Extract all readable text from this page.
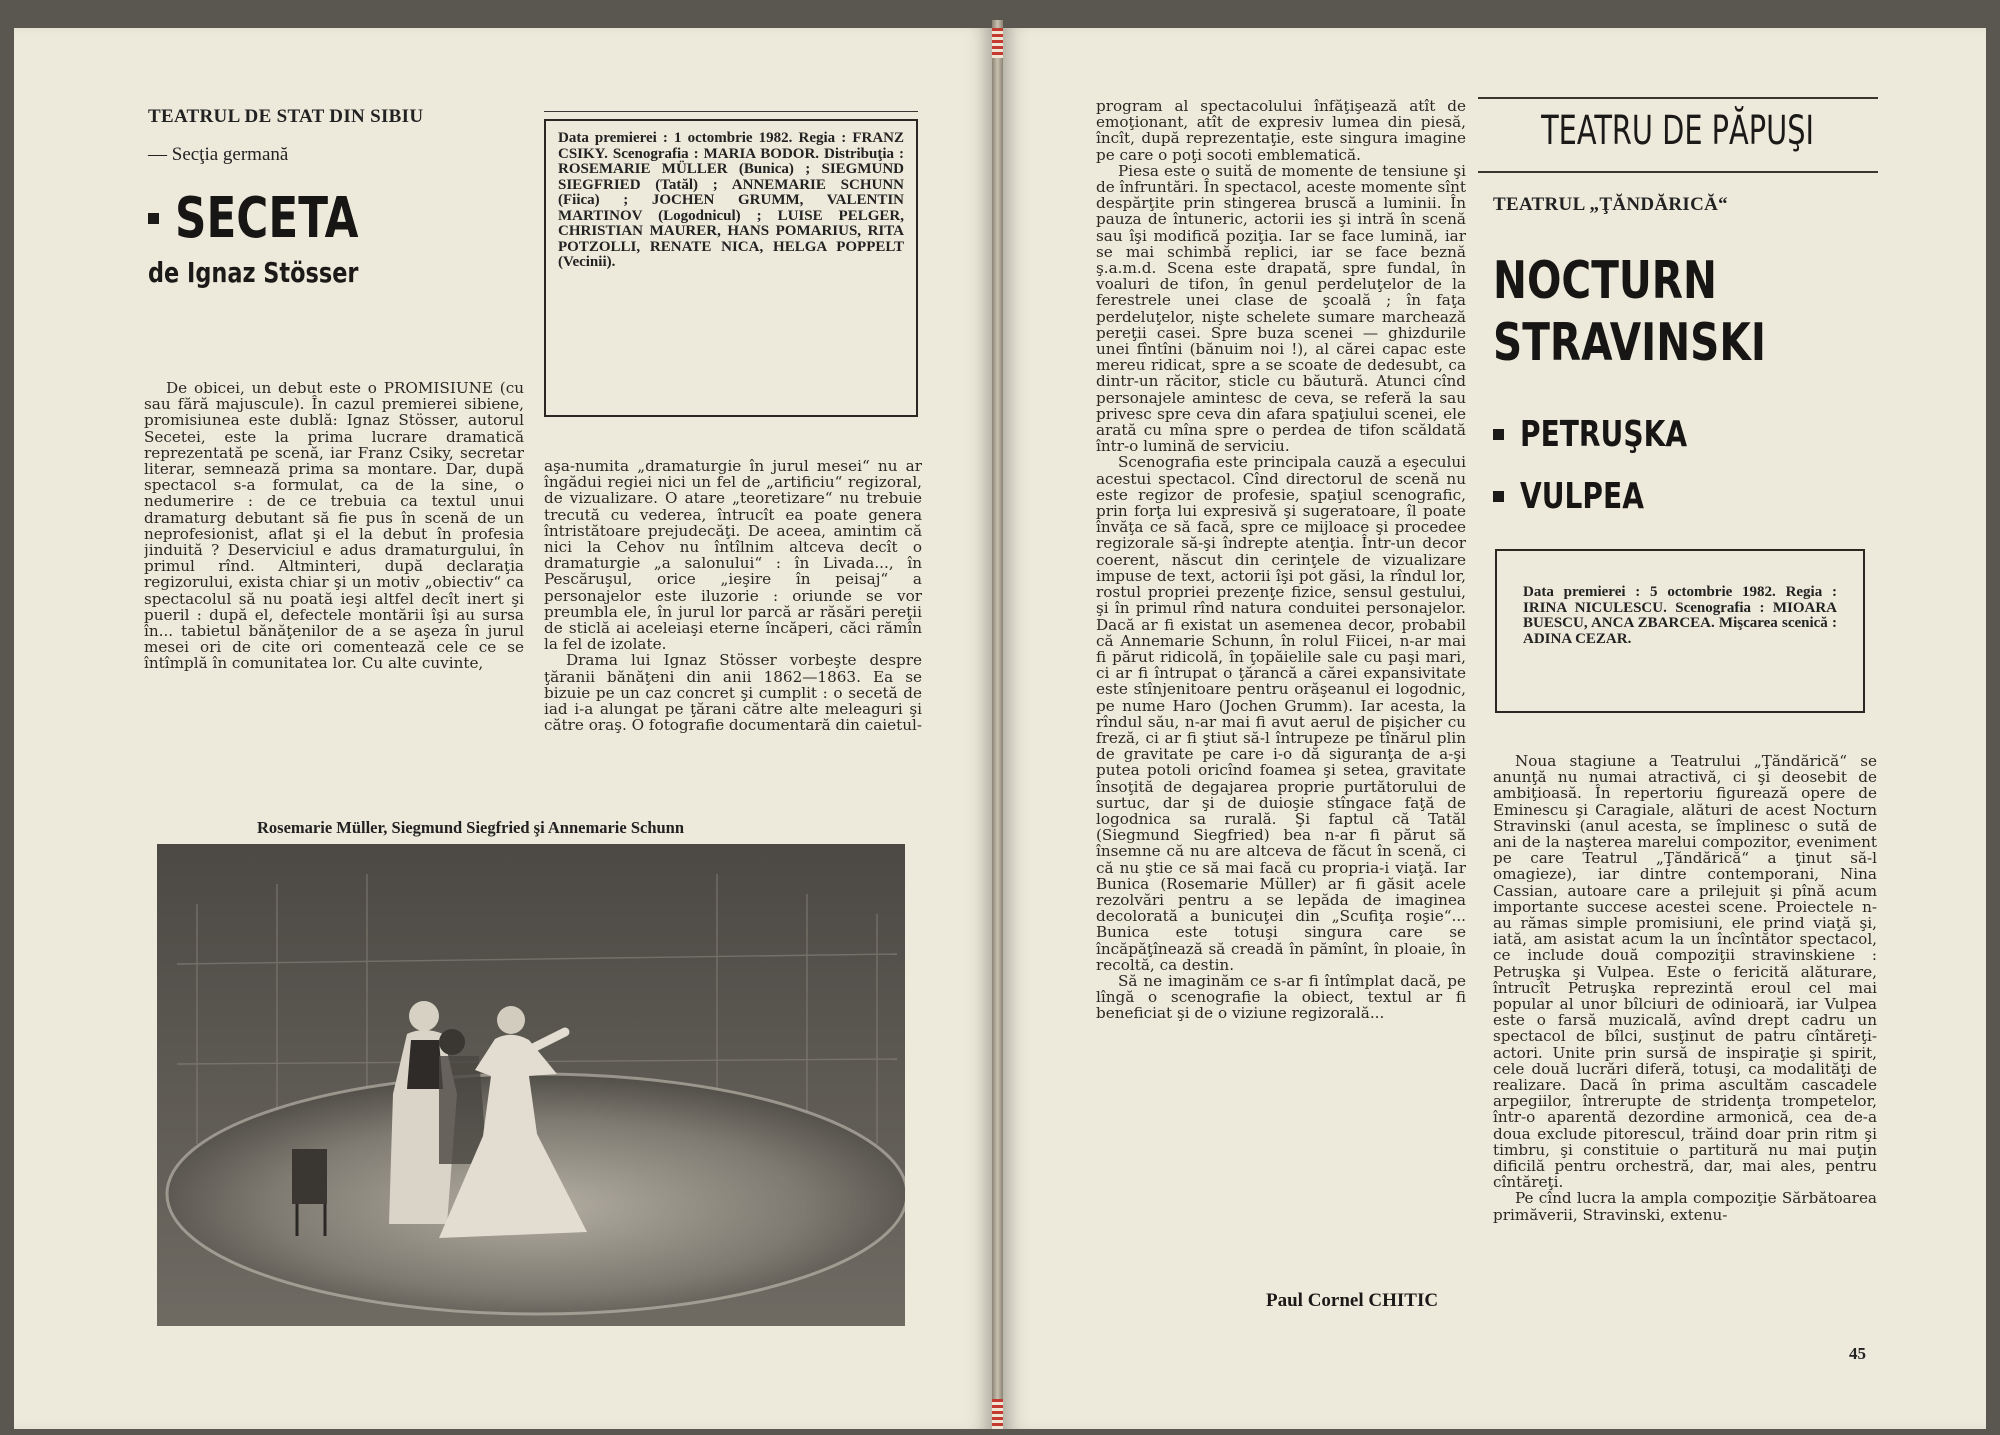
TEATRUL DE STAT DIN SIBIU
— Secţia germană
SECETA
de Ignaz Stösser

Data premierei : 1 octombrie 1982. Regia : FRANZ CSIKY. Scenografia : MARIA BODOR. Distribuţia : ROSEMARIE MÜLLER (Bunica) ; SIEGMUND SIEGFRIED (Tatăl) ; ANNEMARIE SCHUNN (Fiica) ; JOCHEN GRUMM, VALENTIN MARTINOV (Logodnicul) ; LUISE PELGER, CHRISTIAN MAURER, HANS POMARIUS, RITA POTZOLLI, RENATE NICA, HELGA POPPELT (Vecinii).

De obicei, un debut este o PROMISIUNE (cu sau fără majuscule). În cazul premierei sibiene, promisiunea este dublă: Ignaz Stösser, autorul Secetei, este la prima lucrare dramatică reprezentată pe scenă, iar Franz Csiky, secretar literar, semnează prima sa montare. Dar, după spectacol s-a formulat, ca de la sine, o nedumerire : de ce trebuia ca textul unui dramaturg debutant să fie pus în scenă de un neprofesionist, aflat şi el la debut în profesia jinduită ? Deserviciul e adus dramaturgului, în primul rînd. Altminteri, după declaraţia regizorului, exista chiar şi un motiv „obiectiv“ ca spectacolul să nu poată ieşi altfel decît inert şi pueril : după el, defectele montării îşi au sursa în... tabietul bănăţenilor de a se aşeza în jurul mesei ori de cite ori comentează cele ce se întîmplă în comunitatea lor. Cu alte cuvinte,

aşa-numita „dramaturgie în jurul mesei“ nu ar îngădui regiei nici un fel de „artificiu“ regizoral, de vizualizare. O atare „teoretizare“ nu trebuie trecută cu vederea, întrucît ea poate genera întristătoare prejudecăţi. De aceea, amintim că nici la Cehov nu întîlnim altceva decît o dramaturgie „a salonului“ : în Livada..., în Pescăruşul, orice „ieşire în peisaj“ a personajelor este iluzorie : oriunde se vor preumbla ele, în jurul lor parcă ar răsări pereţii de sticlă ai aceleiaşi eterne încăperi, căci rămîn la fel de izolate.

Drama lui Ignaz Stösser vorbeşte despre ţăranii bănăţeni din anii 1862—1863. Ea se bizuie pe un caz concret şi cumplit : o secetă de iad i-a alungat pe ţărani către alte meleaguri şi către oraş. O fotografie documentară din caietul-

Rosemarie Müller, Siegmund Siegfried şi Annemarie Schunn

program al spectacolului înfăţişează atît de emoţionant, atît de expresiv lumea din piesă, încît, după reprezentaţie, este singura imagine pe care o poţi socoti emblematică.

Piesa este o suită de momente de tensiune şi de înfruntări. În spectacol, aceste momente sînt despărţite prin stingerea bruscă a luminii. În pauza de întuneric, actorii ies şi intră în scenă sau îşi modifică poziţia. Iar se face lumină, iar se mai schimbă replici, iar se face beznă ş.a.m.d. Scena este drapată, spre fundal, în voaluri de tifon, în genul perdeluţelor de la ferestrele unei clase de şcoală ; în faţa perdeluţelor, nişte schelete sumare marchează pereţii casei. Spre buza scenei — ghizdurile unei fîntîni (bănuim noi !), al cărei capac este mereu ridicat, spre a se scoate de dedesubt, ca dintr-un răcitor, sticle cu băutură. Atunci cînd personajele amintesc de ceva, se referă la sau privesc spre ceva din afara spaţiului scenei, ele arată cu mîna spre o perdea de tifon scăldată într-o lumină de serviciu.

Scenografia este principala cauză a eşecului acestui spectacol. Cînd directorul de scenă nu este regizor de profesie, spaţiul scenografic, prin forţa lui expresivă şi sugeratoare, îl poate învăţa ce să facă, spre ce mijloace şi procedee regizorale să-şi îndrepte atenţia. Într-un decor coerent, născut din cerinţele de vizualizare impuse de text, actorii îşi pot găsi, la rîndul lor, rostul propriei prezenţe fizice, sensul gestului, şi în primul rînd natura conduitei personajelor. Dacă ar fi existat un asemenea decor, probabil că Annemarie Schunn, în rolul Fiicei, n-ar mai fi părut ridicolă, în ţopăielile sale cu paşi mari, ci ar fi întrupat o ţărancă a cărei expansivitate este stînjenitoare pentru orăşeanul ei logodnic, pe nume Haro (Jochen Grumm). Iar acesta, la rîndul său, n-ar mai fi avut aerul de pişicher cu freză, ci ar fi ştiut să-l întrupeze pe tînărul plin de gravitate pe care i-o dă siguranţa de a-şi putea potoli oricînd foamea şi setea, gravitate însoţită de degajarea proprie purtătorului de surtuc, dar şi de duioşie stîngace faţă de logodnica sa rurală. Şi faptul că Tatăl (Siegmund Siegfried) bea n-ar fi părut să însemne că nu are altceva de făcut în scenă, ci că nu ştie ce să mai facă cu propria-i viaţă. Iar Bunica (Rosemarie Müller) ar fi găsit acele rezolvări pentru a se lepăda de imaginea decolorată a bunicuţei din „Scufiţa roşie“... Bunica este totuşi singura care se încăpăţînează să creadă în pămînt, în ploaie, în recoltă, ca destin.

Să ne imaginăm ce s-ar fi întîmplat dacă, pe lîngă o scenografie la obiect, textul ar fi beneficiat şi de o viziune regizorală...

Paul Cornel CHITIC
TEATRU DE PĂPUŞI
TEATRUL „ŢĂNDĂRICĂ“
NOCTURN
STRAVINSKI
PETRUŞKA
VULPEA

Data premierei : 5 octombrie 1982. Regia : IRINA NICULESCU. Scenografia : MIOARA BUESCU, ANCA ZBARCEA. Mişcarea scenică : ADINA CEZAR.

Noua stagiune a Teatrului „Ţăndărică“ se anunţă nu numai atractivă, ci şi deosebit de ambiţioasă. În repertoriu figurează opere de Eminescu şi Caragiale, alături de acest Nocturn Stravinski (anul acesta, se împlinesc o sută de ani de la naşterea marelui compozitor, eveniment pe care Teatrul „Ţăndărică“ a ţinut să-l omagieze), iar dintre contemporani, Nina Cassian, autoare care a prilejuit şi pînă acum importante succese acestei scene. Proiectele n-au rămas simple promisiuni, ele prind viaţă şi, iată, am asistat acum la un încîntător spectacol, ce include două compoziţii stravinskiene : Petruşka şi Vulpea. Este o fericită alăturare, întrucît Petruşka reprezintă eroul cel mai popular al unor bîlciuri de odinioară, iar Vulpea este o farsă muzicală, avînd drept cadru un spectacol de bîlci, susţinut de patru cîntăreţi-actori. Unite prin sursă de inspiraţie şi spirit, cele două lucrări diferă, totuşi, ca modalităţi de realizare. Dacă în prima ascultăm cascadele arpegiilor, întrerupte de stridenţa trompetelor, într-o aparentă dezordine armonică, cea de-a doua exclude pitorescul, trăind doar prin ritm şi timbru, şi constituie o partitură nu mai puţin dificilă pentru orchestră, dar, mai ales, pentru cîntăreţi.

Pe cînd lucra la ampla compoziţie Sărbătoarea primăverii, Stravinski, extenu-

45
